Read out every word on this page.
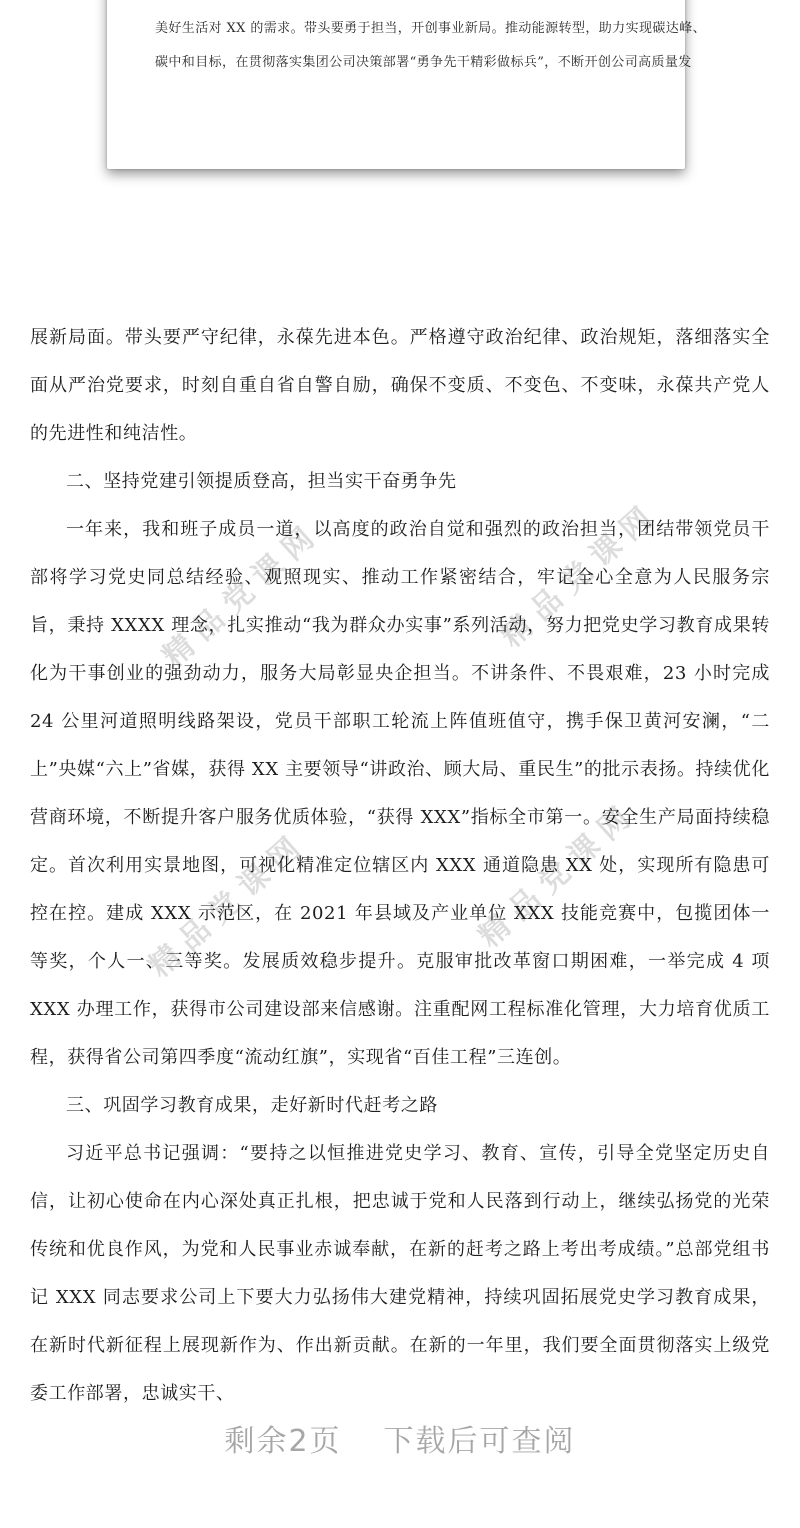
精品党课网	精品党课网
精品党课网	精品党课网
美好生活对 XX 的需求。带头要勇于担当，开创事业新局。推动能源转型，助力实现碳达峰、
碳中和目标，在贯彻落实集团公司决策部署“勇争先干精彩做标兵”，不断开创公司高质量发

展新局面。带头要严守纪律，永葆先进本色。严格遵守政治纪律、政治规矩，落细落实全面从严治党要求，时刻自重自省自警自励，确保不变质、不变色、不变味，永葆共产党人的先进性和纯洁性。

二、坚持党建引领提质登高，担当实干奋勇争先

一年来，我和班子成员一道，以高度的政治自觉和强烈的政治担当，团结带领党员干部将学习党史同总结经验、观照现实、推动工作紧密结合，牢记全心全意为人民服务宗旨，秉持 XXXX 理念，扎实推动“我为群众办实事”系列活动，努力把党史学习教育成果转化为干事创业的强劲动力，服务大局彰显央企担当。不讲条件、不畏艰难，23 小时完成 24 公里河道照明线路架设，党员干部职工轮流上阵值班值守，携手保卫黄河安澜，“二上”央媒“六上”省媒，获得 XX 主要领导“讲政治、顾大局、重民生”的批示表扬。持续优化营商环境，不断提升客户服务优质体验，“获得 XXX”指标全市第一。安全生产局面持续稳定。首次利用实景地图，可视化精准定位辖区内 XXX 通道隐患 XX 处，实现所有隐患可控在控。建成 XXX 示范区，在 2021 年县域及产业单位 XXX 技能竞赛中，包揽团体一等奖，个人一、三等奖。发展质效稳步提升。克服审批改革窗口期困难，一举完成 4 项 XXX 办理工作，获得市公司建设部来信感谢。注重配网工程标准化管理，大力培育优质工程，获得省公司第四季度“流动红旗”，实现省“百佳工程”三连创。

三、巩固学习教育成果，走好新时代赶考之路

习近平总书记强调：“要持之以恒推进党史学习、教育、宣传，引导全党坚定历史自信，让初心使命在内心深处真正扎根，把忠诚于党和人民落到行动上，继续弘扬党的光荣传统和优良作风，为党和人民事业赤诚奉献，在新的赶考之路上考出考成绩。”总部党组书记 XXX 同志要求公司上下要大力弘扬伟大建党精神，持续巩固拓展党史学习教育成果，在新时代新征程上展现新作为、作出新贡献。在新的一年里，我们要全面贯彻落实上级党委工作部署，忠诚实干、

剩余2页 下载后可查阅
